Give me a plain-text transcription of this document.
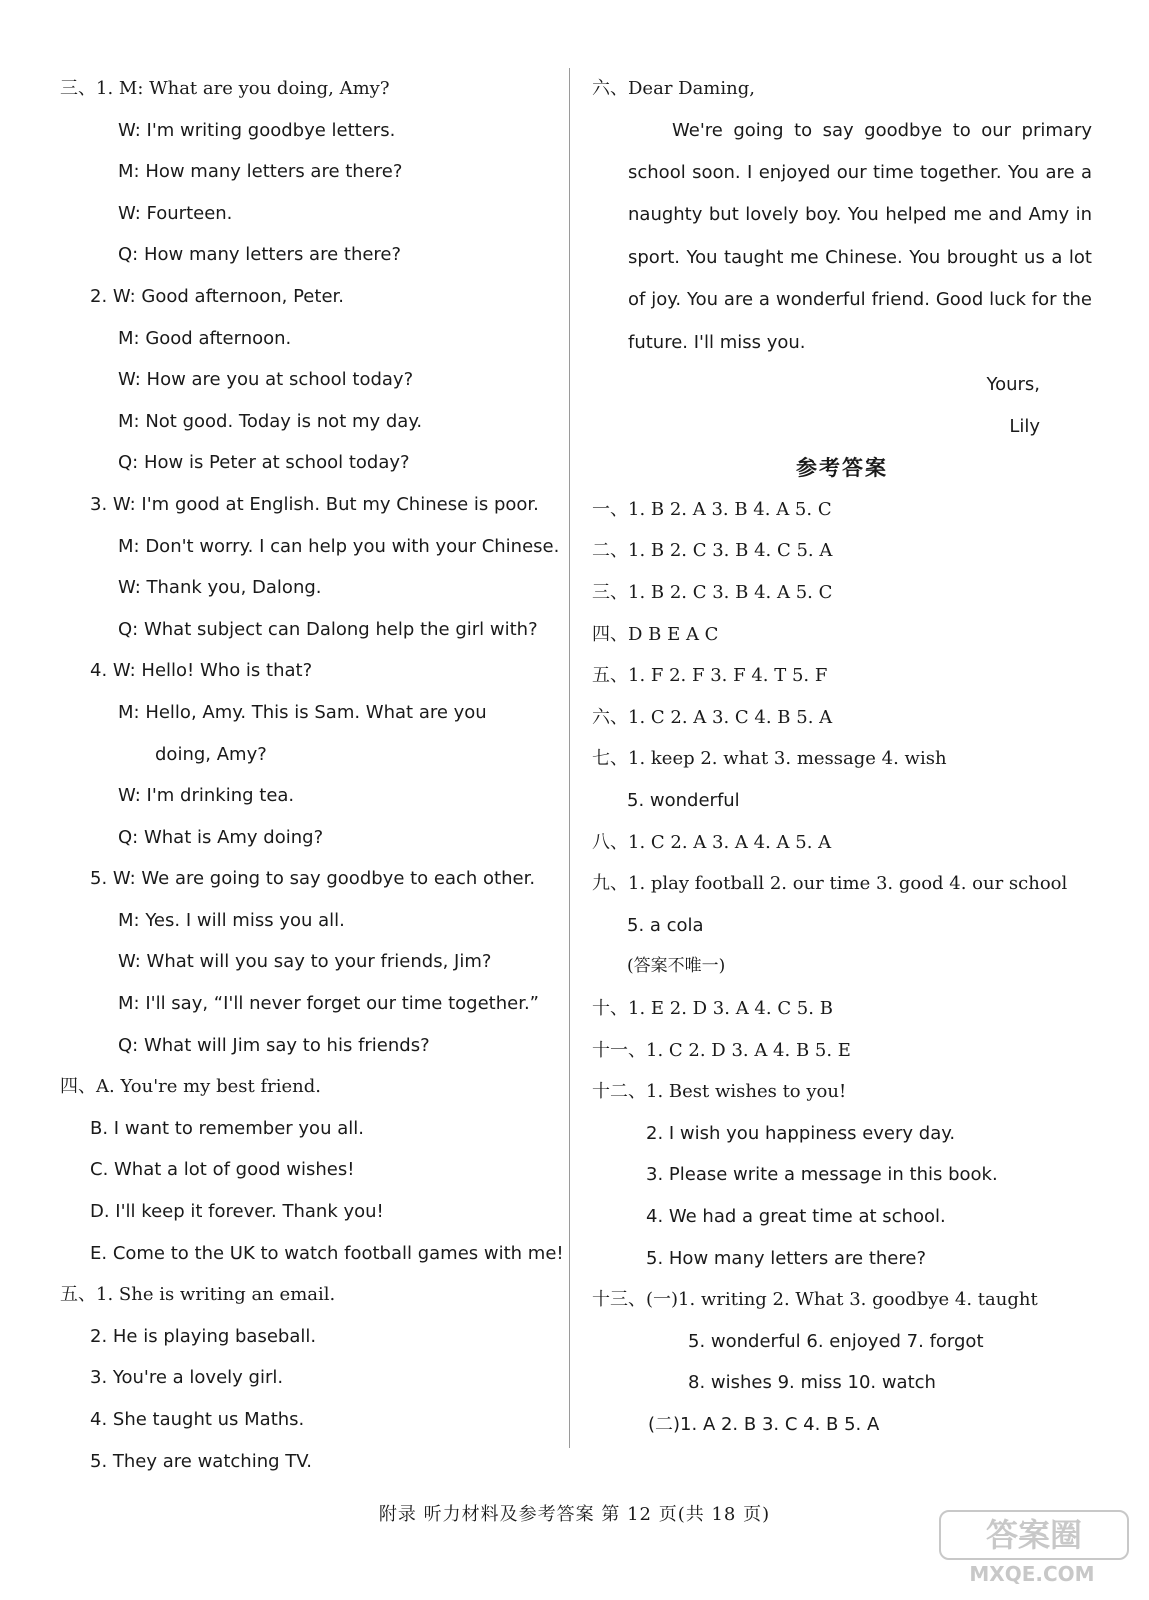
三、1. M: What are you doing, Amy?
W: I'm writing goodbye letters.
M: How many letters are there?
W: Fourteen.
Q: How many letters are there?
2. W: Good afternoon, Peter.
M: Good afternoon.
W: How are you at school today?
M: Not good. Today is not my day.
Q: How is Peter at school today?
3. W: I'm good at English. But my Chinese is poor.
M: Don't worry. I can help you with your Chinese.
W: Thank you, Dalong.
Q: What subject can Dalong help the girl with?
4. W: Hello! Who is that?
M: Hello, Amy. This is Sam. What are you
doing, Amy?
W: I'm drinking tea.
Q: What is Amy doing?
5. W: We are going to say goodbye to each other.
M: Yes. I will miss you all.
W: What will you say to your friends, Jim?
M: I'll say, “I'll never forget our time together.”
Q: What will Jim say to his friends?
四、A. You're my best friend.
B. I want to remember you all.
C. What a lot of good wishes!
D. I'll keep it forever. Thank you!
E. Come to the UK to watch football games with me!
五、1. She is writing an email.
2. He is playing baseball.
3. You're a lovely girl.
4. She taught us Maths.
5. They are watching TV.
六、Dear Daming,
We're going to say goodbye to our primary school soon. I enjoyed our time together. You are a naughty but lovely boy. You helped me and Amy in sport. You taught me Chinese. You brought us a lot of joy. You are a wonderful friend. Good luck for the future. I'll miss you.
Yours,
Lily
参考答案
一、1. B 2. A 3. B 4. A 5. C
二、1. B 2. C 3. B 4. C 5. A
三、1. B 2. C 3. B 4. A 5. C
四、D B E A C
五、1. F 2. F 3. F 4. T 5. F
六、1. C 2. A 3. C 4. B 5. A
七、1. keep 2. what 3. message 4. wish
5. wonderful
八、1. C 2. A 3. A 4. A 5. A
九、1. play football 2. our time 3. good 4. our school
5. a cola
(答案不唯一)
十、1. E 2. D 3. A 4. C 5. B
十一、1. C 2. D 3. A 4. B 5. E
十二、1. Best wishes to you!
2. I wish you happiness every day.
3. Please write a message in this book.
4. We had a great time at school.
5. How many letters are there?
十三、(一)1. writing 2. What 3. goodbye 4. taught
5. wonderful 6. enjoyed 7. forgot
8. wishes 9. miss 10. watch
(二)1. A 2. B 3. C 4. B 5. A
附录 听力材料及参考答案 第 12 页(共 18 页)
答案圈
MXQE.COM
